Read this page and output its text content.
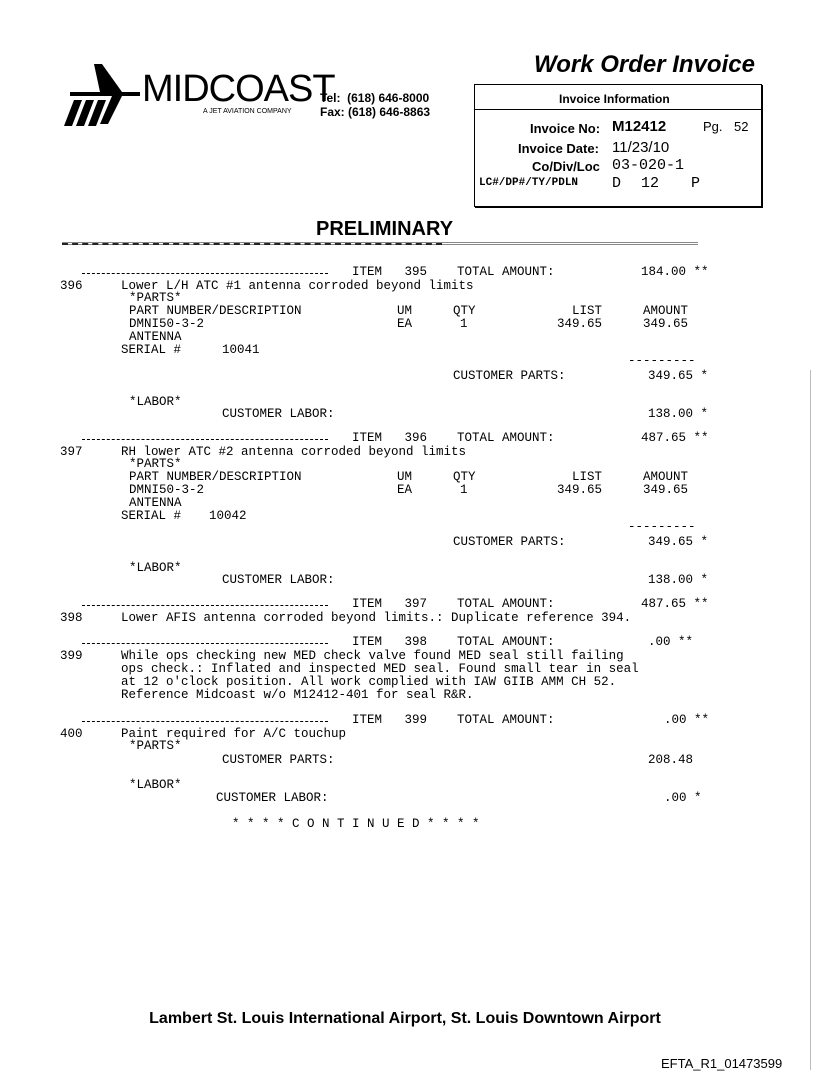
MIDCOAST
A JET AVIATION COMPANY
Tel:  (618) 646-8000
Fax: (618) 646-8863
Work Order Invoice

Invoice Information
Invoice No: M12412	Pg. 52
Invoice Date: 11/23/10
Co/Div/Loc 03-020-1
LC#/DP#/TY/PDLN D 12 P
PRELIMINARY
ITEM   395    TOTAL AMOUNT:	184.00 **
396	Lower L/H ATC #1 antenna corroded beyond limits
*PARTS*
PART NUMBER/DESCRIPTION	UM	QTY	LIST	AMOUNT
DMNI50-3-2	EA	1	349.65	349.65
ANTENNA
SERIAL #	10041
---------
CUSTOMER PARTS:	349.65 *
*LABOR*
CUSTOMER LABOR:	138.00 *
ITEM   396    TOTAL AMOUNT:	487.65 **
397	RH lower ATC #2 antenna corroded beyond limits
*PARTS*
PART NUMBER/DESCRIPTION	UM	QTY	LIST	AMOUNT
DMNI50-3-2	EA	1	349.65	349.65
ANTENNA
SERIAL # 10042
---------
CUSTOMER PARTS:	349.65 *
*LABOR*
CUSTOMER LABOR:	138.00 *
ITEM   397    TOTAL AMOUNT:	487.65 **
398	Lower AFIS antenna corroded beyond limits.: Duplicate reference 394.
ITEM   398    TOTAL AMOUNT:	.00 **
399	While ops checking new MED check valve found MED seal still failing
ops check.: Inflated and inspected MED seal. Found small tear in seal
at 12 o'clock position. All work complied with IAW GIIB AMM CH 52.
Reference Midcoast w/o M12412-401 for seal R&R.
ITEM   399    TOTAL AMOUNT:	.00 **
400	Paint required for A/C touchup
*PARTS*
CUSTOMER PARTS:	208.48
*LABOR*
CUSTOMER LABOR:	.00 *
* * * * C O N T I N U E D * * * *
Lambert St. Louis International Airport, St. Louis Downtown Airport
EFTA_R1_01473599
